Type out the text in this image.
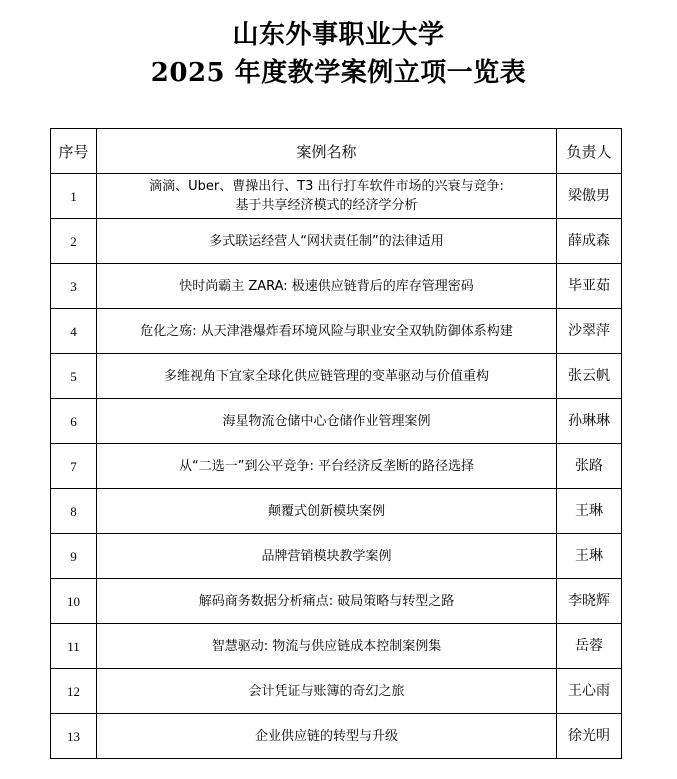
山东外事职业大学
2025 年度教学案例立项一览表
序号	案例名称	负责人
1	滴滴、Uber、曹操出行、T3 出行打车软件市场的兴衰与竞争:
基于共享经济模式的经济学分析	梁傲男
2	多式联运经营人“网状责任制”的法律适用	薛成森
3	快时尚霸主 ZARA: 极速供应链背后的库存管理密码	毕亚茹
4	危化之殇: 从天津港爆炸看环境风险与职业安全双轨防御体系构建	沙翠萍
5	多维视角下宜家全球化供应链管理的变革驱动与价值重构	张云帆
6	海星物流仓储中心仓储作业管理案例	孙琳琳
7	从“二选一”到公平竞争: 平台经济反垄断的路径选择	张路
8	颠覆式创新模块案例	王琳
9	品牌营销模块教学案例	王琳
10	解码商务数据分析痛点: 破局策略与转型之路	李晓辉
11	智慧驱动: 物流与供应链成本控制案例集	岳蓉
12	会计凭证与账簿的奇幻之旅	王心雨
13	企业供应链的转型与升级	徐光明
